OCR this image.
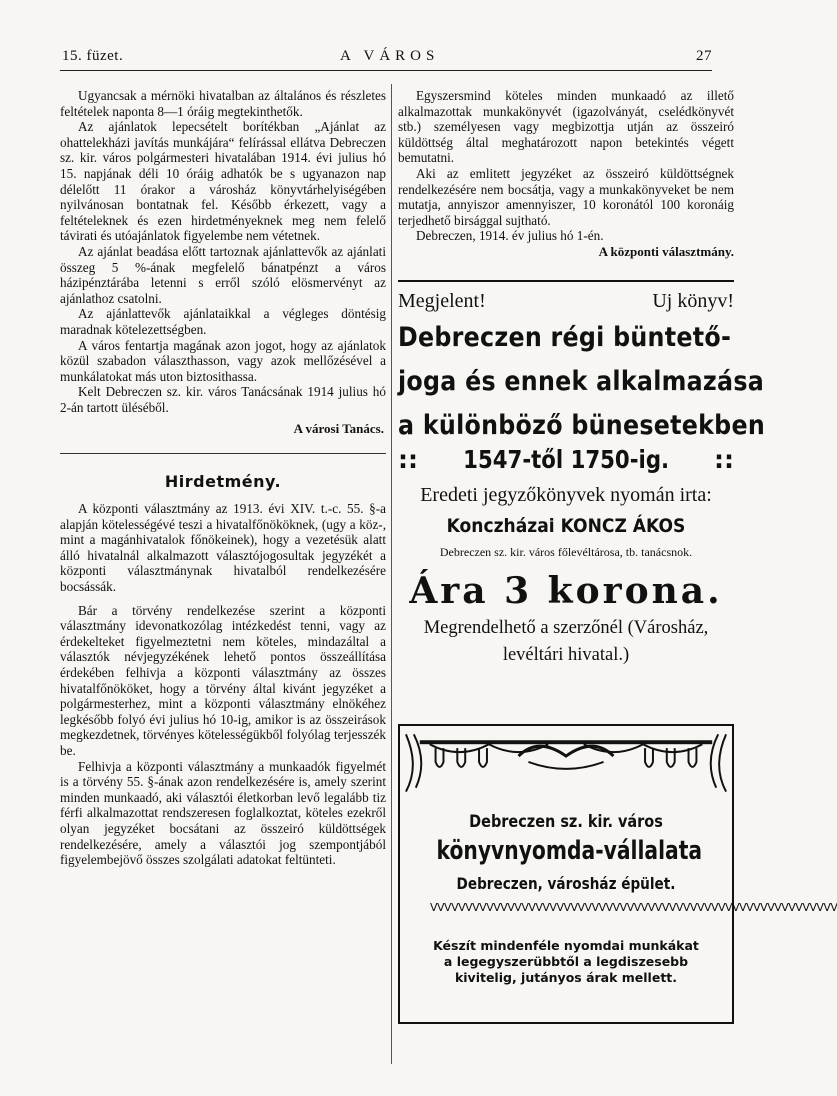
15. füzet.	A VÁROS	27

Ugyancsak a mérnöki hivatalban az általános és részletes feltételek naponta 8—1 óráig megtekinthetők.

Az ajánlatok lepecsételt borítékban „Ajánlat az ohattelekházi javítás munkájára“ felírással ellátva Debreczen sz. kir. város polgármesteri hivatalában 1914. évi julius hó 15. napjának déli 10 óráig adhatók be s ugyanazon nap délelőtt 11 órakor a városház könyvtárhelyiségében nyilvánosan bontatnak fel. Később érkezett, vagy a feltételeknek és ezen hirdetményeknek meg nem felelő távirati és utóajánlatok figyelembe nem vétetnek.

Az ajánlat beadása előtt tartoznak ajánlattevők az ajánlati összeg 5 %-ának megfelelő bánatpénzt a város házipénztárába letenni s erről szóló elösmervényt az ajánlathoz csatolni.

Az ajánlattevők ajánlataikkal a végleges döntésig maradnak kötelezettségben.

A város fentartja magának azon jogot, hogy az ajánlatok közül szabadon választhasson, vagy azok mellőzésével a munkálatokat más uton biztosithassa.

Kelt Debreczen sz. kir. város Tanácsának 1914 julius hó 2-án tartott üléséből.

A városi Tanács.

Hirdetmény.

A központi választmány az 1913. évi XIV. t.-c. 55. §-a alapján kötelességévé teszi a hivatalfőnököknek, (ugy a köz-, mint a magánhivatalok főnökeinek), hogy a vezetésük alatt álló hivatalnál alkalmazott választójogosultak jegyzékét a központi választmánynak hivatalból rendelkezésére bocsássák.

Bár a törvény rendelkezése szerint a központi választmány idevonatkozólag intézkedést tenni, vagy az érdekelteket figyelmeztetni nem köteles, mindazáltal a választók névjegyzékének lehető pontos összeállítása érdekében felhivja a központi választmány az összes hivatalfőnököket, hogy a törvény által kivánt jegyzéket a polgármesterhez, mint a központi választmány elnökéhez legkésőbb folyó évi julius hó 10-ig, amikor is az összeirások megkezdetnek, törvényes kötelességükből folyólag terjesszék be.

Felhivja a központi választmány a munkaadók figyelmét is a törvény 55. §-ának azon rendelkezésére is, amely szerint minden munkaadó, aki választói életkorban levő legalább tiz férfi alkalmazottat rendszeresen foglalkoztat, köteles ezekről olyan jegyzéket bocsátani az összeiró küldöttségek rendelkezésére, amely a választói jog szempontjából figyelembejövő összes szolgálati adatokat feltünteti.

Egyszersmind köteles minden munkaadó az illető alkalmazottak munkakönyvét (igazolványát, cselédkönyvét stb.) személyesen vagy megbizottja utján az összeiró küldöttség által meghatározott napon betekintés végett bemutatni.

Aki az emlitett jegyzéket az összeiró küldöttségnek rendelkezésére nem bocsátja, vagy a munkakönyveket be nem mutatja, annyiszor amennyiszer, 10 koronától 100 koronáig terjedhető birsággal sujtható.

Debreczen, 1914. év julius hó 1-én.

A központi választmány.

Megjelent!	Uj könyv!
Debreczen régi büntető-
joga és ennek alkalmazása
a különböző bünesetekben
:: 1547-től 1750-ig. ::
Eredeti jegyzőkönyvek nyomán irta:
Konczházai KONCZ ÁKOS
Debreczen sz. kir. város főlevéltárosa, tb. tanácsnok.
Ára 3 korona.
Megrendelhető a szerzőnél (Városház,
levéltári hivatal.)
Debreczen sz. kir. város
könyvnyomda-vállalata
Debreczen, városház épület.
VVVVVVVVVVVVVVVVVVVVVVVVVVVVVVVVVVVVVVVVVVVVVVVVVVVVVVVVVV
Készít mindenféle nyomdai munkákat
a legegyszerübbtől a legdiszesebb
kivitelig, jutányos árak mellett.
